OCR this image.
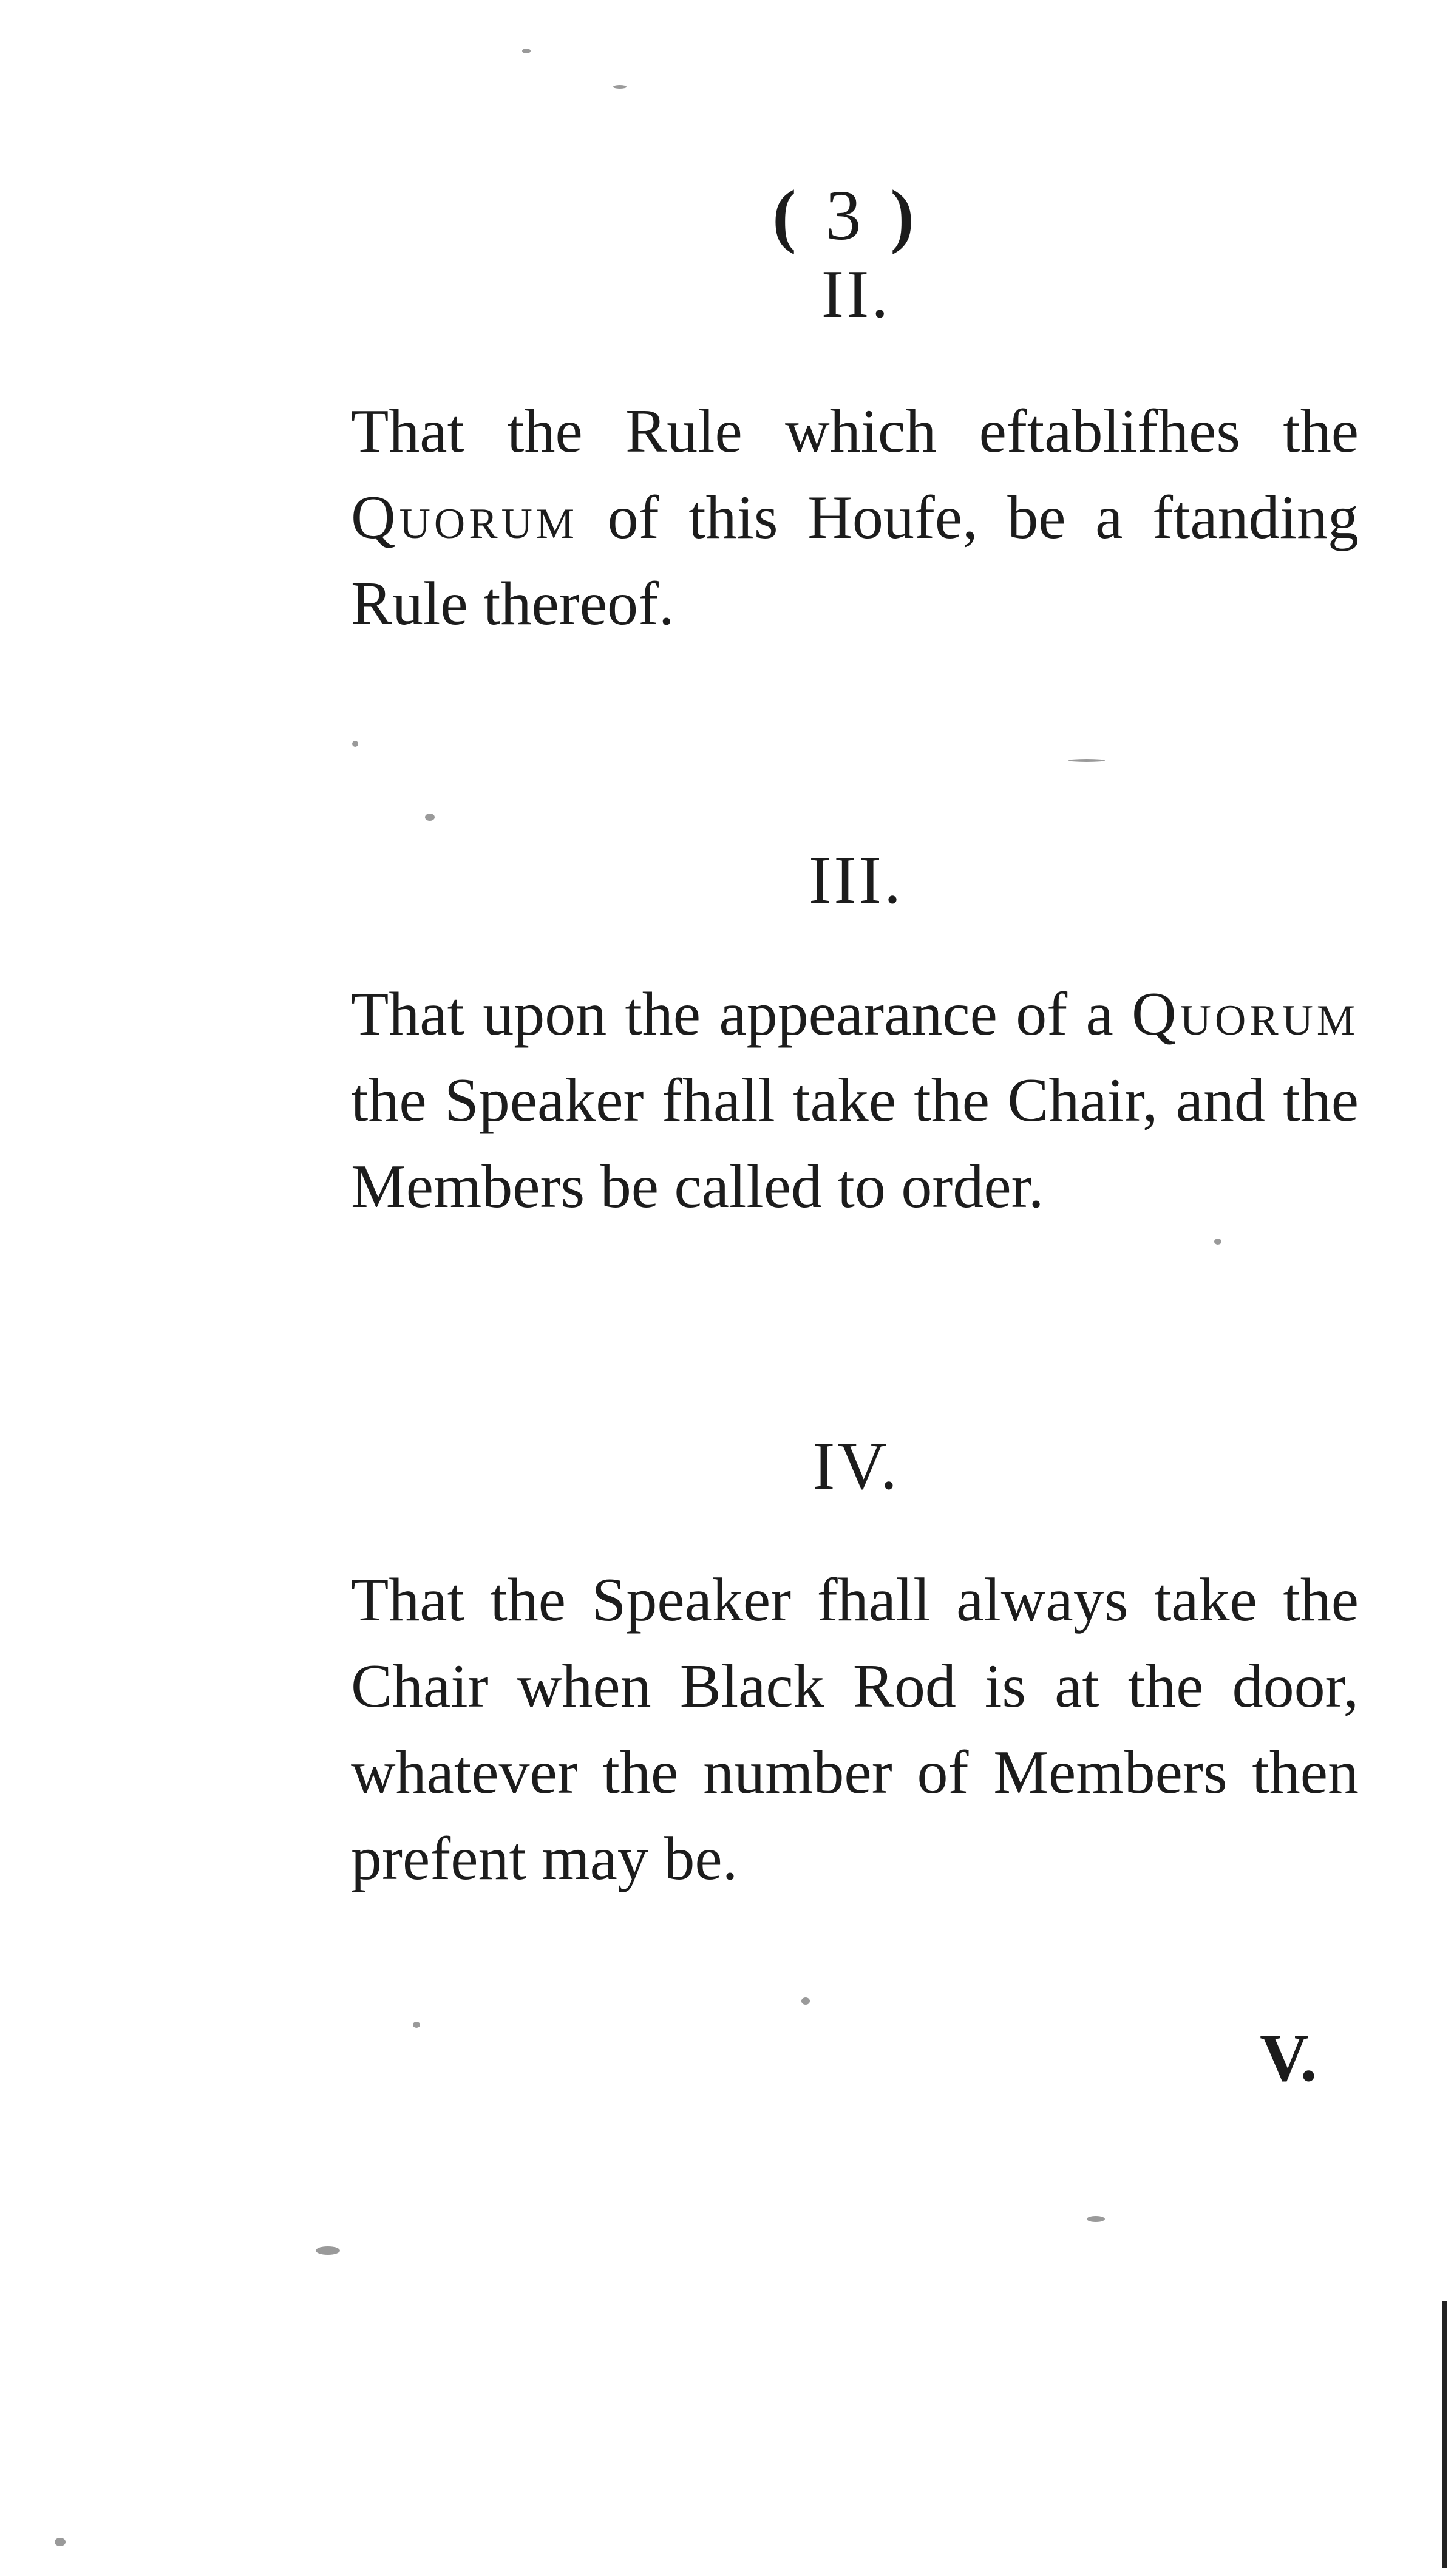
( 3 )
II.
That the Rule which eftablifhes the Quorum of this Houfe, be a ftanding Rule thereof.
III.
That upon the appearance of a Quorum the Speaker fhall take the Chair, and the Members be called to order.
IV.
That the Speaker fhall always take the Chair when Black Rod is at the door, whatever the number of Members then prefent may be.
V.
